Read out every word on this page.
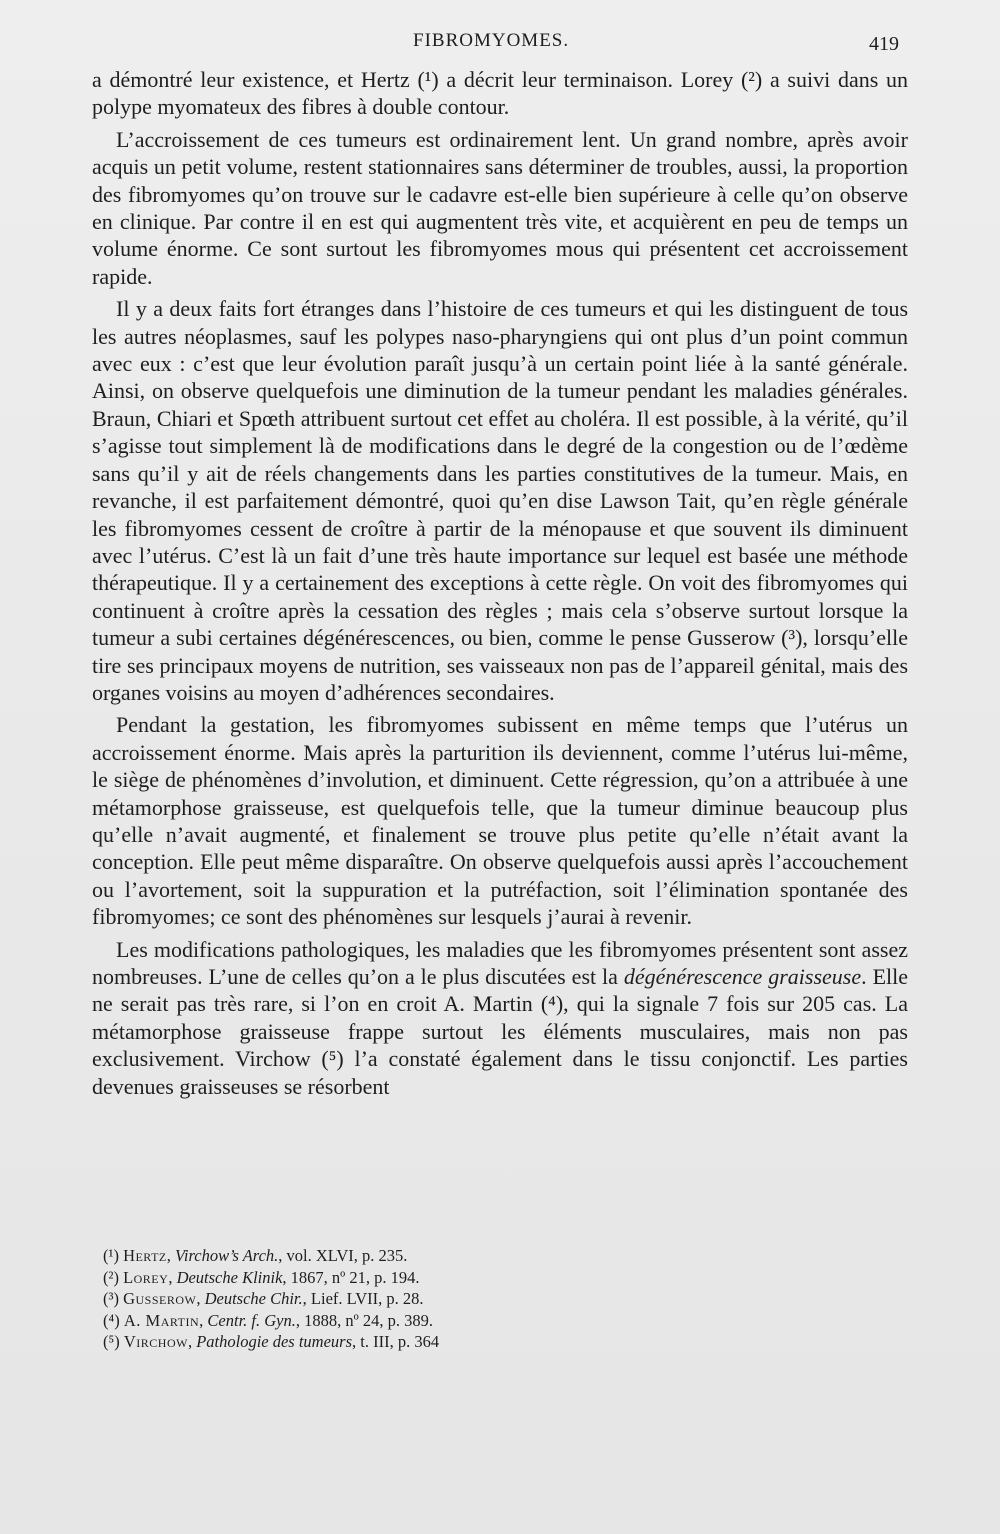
FIBROMYOMES.	419

a démontré leur existence, et Hertz (¹) a décrit leur terminaison. Lorey (²) a suivi dans un polype myomateux des fibres à double contour.

L’accroissement de ces tumeurs est ordinairement lent. Un grand nombre, après avoir acquis un petit volume, restent stationnaires sans déterminer de troubles, aussi, la proportion des fibromyomes qu’on trouve sur le cadavre est-elle bien supérieure à celle qu’on observe en clinique. Par contre il en est qui augmentent très vite, et acquièrent en peu de temps un volume énorme. Ce sont surtout les fibromyomes mous qui présentent cet accroissement rapide.

Il y a deux faits fort étranges dans l’histoire de ces tumeurs et qui les distinguent de tous les autres néoplasmes, sauf les polypes naso-pharyngiens qui ont plus d’un point commun avec eux : c’est que leur évolution paraît jusqu’à un certain point liée à la santé générale. Ainsi, on observe quelquefois une diminution de la tumeur pendant les maladies générales. Braun, Chiari et Spœth attribuent surtout cet effet au choléra. Il est possible, à la vérité, qu’il s’agisse tout simplement là de modifications dans le degré de la congestion ou de l’œdème sans qu’il y ait de réels changements dans les parties constitutives de la tumeur. Mais, en revanche, il est parfaitement démontré, quoi qu’en dise Lawson Tait, qu’en règle générale les fibromyomes cessent de croître à partir de la ménopause et que souvent ils diminuent avec l’utérus. C’est là un fait d’une très haute importance sur lequel est basée une méthode thérapeutique. Il y a certainement des exceptions à cette règle. On voit des fibromyomes qui continuent à croître après la cessation des règles ; mais cela s’observe surtout lorsque la tumeur a subi certaines dégénérescences, ou bien, comme le pense Gusserow (³), lorsqu’elle tire ses principaux moyens de nutrition, ses vaisseaux non pas de l’appareil génital, mais des organes voisins au moyen d’adhérences secondaires.

Pendant la gestation, les fibromyomes subissent en même temps que l’utérus un accroissement énorme. Mais après la parturition ils deviennent, comme l’utérus lui-même, le siège de phénomènes d’involution, et diminuent. Cette régression, qu’on a attribuée à une métamorphose graisseuse, est quelquefois telle, que la tumeur diminue beaucoup plus qu’elle n’avait augmenté, et finalement se trouve plus petite qu’elle n’était avant la conception. Elle peut même disparaître. On observe quelquefois aussi après l’accouchement ou l’avortement, soit la suppuration et la putréfaction, soit l’élimination spontanée des fibromyomes; ce sont des phénomènes sur lesquels j’aurai à revenir.

Les modifications pathologiques, les maladies que les fibromyomes présentent sont assez nombreuses. L’une de celles qu’on a le plus discutées est la dégénérescence graisseuse. Elle ne serait pas très rare, si l’on en croit A. Martin (⁴), qui la signale 7 fois sur 205 cas. La métamorphose graisseuse frappe surtout les éléments musculaires, mais non pas exclusivement. Virchow (⁵) l’a constaté également dans le tissu conjonctif. Les parties devenues graisseuses se résorbent

(¹) Hertz, Virchow’s Arch., vol. XLVI, p. 235.
(²) Lorey, Deutsche Klinik, 1867, nº 21, p. 194.
(³) Gusserow, Deutsche Chir., Lief. LVII, p. 28.
(⁴) A. Martin, Centr. f. Gyn., 1888, nº 24, p. 389.
(⁵) Virchow, Pathologie des tumeurs, t. III, p. 364
